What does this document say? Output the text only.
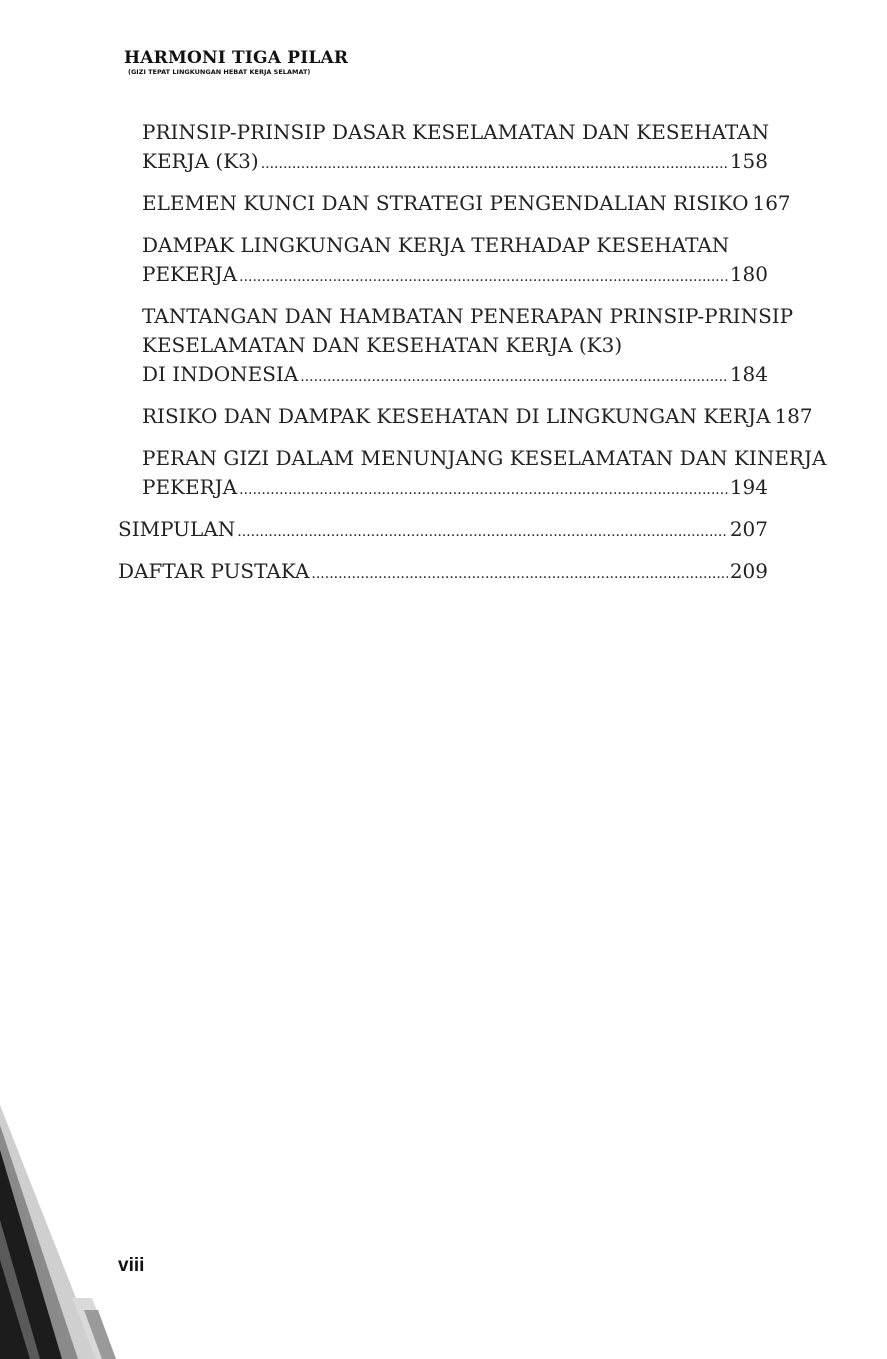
HARMONI TIGA PILAR

(GIZI TEPAT LINGKUNGAN HEBAT KERJA SELAMAT)

PRINSIP-PRINSIP DASAR KESELAMATAN DAN KESEHATAN
KERJA (K3) .....	158
ELEMEN KUNCI DAN STRATEGI PENGENDALIAN RISIKO 167
DAMPAK LINGKUNGAN KERJA TERHADAP KESEHATAN
PEKERJA .....	180
TANTANGAN DAN HAMBATAN PENERAPAN PRINSIP-PRINSIP
KESELAMATAN DAN KESEHATAN KERJA (K3)
DI INDONESIA .....	184
RISIKO DAN DAMPAK KESEHATAN DI LINGKUNGAN KERJA 187
PERAN GIZI DALAM MENUNJANG KESELAMATAN DAN KINERJA
PEKERJA .....	194
SIMPULAN .....	207
DAFTAR PUSTAKA .....	209
viii
